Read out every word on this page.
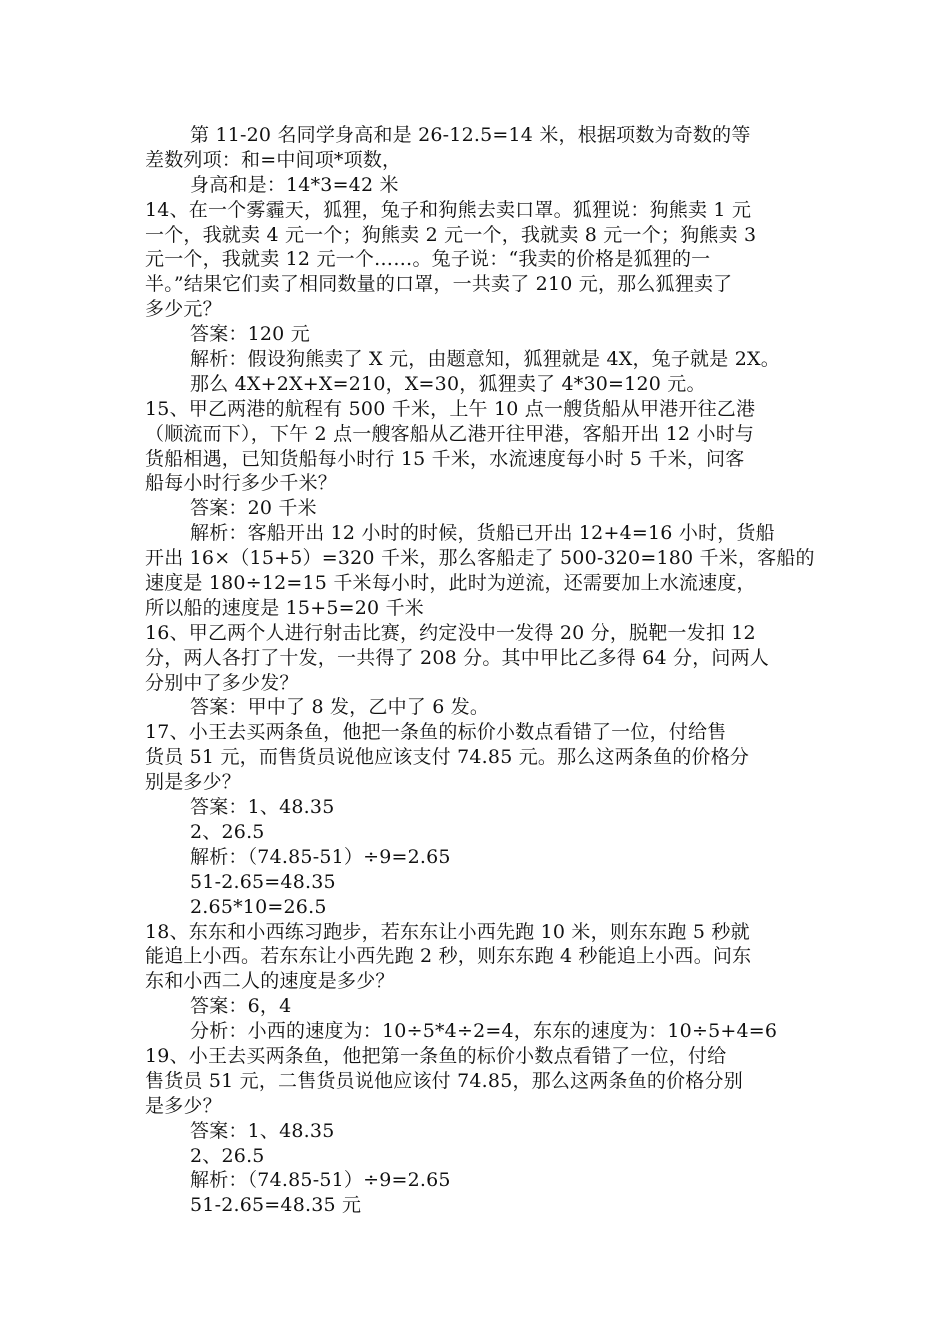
第 11-20 名同学身高和是 26-12.5=14 米，根据项数为奇数的等
差数列项：和=中间项*项数，
身高和是：14*3=42 米
14、在一个雾霾天，狐狸，兔子和狗熊去卖口罩。狐狸说：狗熊卖 1 元
一个，我就卖 4 元一个；狗熊卖 2 元一个，我就卖 8 元一个；狗熊卖 3
元一个，我就卖 12 元一个……。兔子说：“我卖的价格是狐狸的一
半。”结果它们卖了相同数量的口罩，一共卖了 210 元，那么狐狸卖了
多少元？
答案：120 元
解析：假设狗熊卖了 X 元，由题意知，狐狸就是 4X，兔子就是 2X。
那么 4X+2X+X=210，X=30，狐狸卖了 4*30=120 元。
15、甲乙两港的航程有 500 千米，上午 10 点一艘货船从甲港开往乙港
（顺流而下），下午 2 点一艘客船从乙港开往甲港，客船开出 12 小时与
货船相遇，已知货船每小时行 15 千米，水流速度每小时 5 千米，问客
船每小时行多少千米？
答案：20 千米
解析：客船开出 12 小时的时候，货船已开出 12+4=16 小时，货船
开出 16×（15+5）=320 千米，那么客船走了 500-320=180 千米，客船的
速度是 180÷12=15 千米每小时，此时为逆流，还需要加上水流速度，
所以船的速度是 15+5=20 千米
16、甲乙两个人进行射击比赛，约定没中一发得 20 分，脱靶一发扣 12
分，两人各打了十发，一共得了 208 分。其中甲比乙多得 64 分，问两人
分别中了多少发？
答案：甲中了 8 发，乙中了 6 发。
17、小王去买两条鱼，他把一条鱼的标价小数点看错了一位，付给售
货员 51 元，而售货员说他应该支付 74.85 元。那么这两条鱼的价格分
别是多少？
答案：1、48.35
2、26.5
解析：（74.85-51）÷9=2.65
51-2.65=48.35
2.65*10=26.5
18、东东和小西练习跑步，若东东让小西先跑 10 米，则东东跑 5 秒就
能追上小西。若东东让小西先跑 2 秒，则东东跑 4 秒能追上小西。问东
东和小西二人的速度是多少？
答案：6，4
分析：小西的速度为：10÷5*4÷2=4，东东的速度为：10÷5+4=6
19、小王去买两条鱼，他把第一条鱼的标价小数点看错了一位，付给
售货员 51 元，二售货员说他应该付 74.85，那么这两条鱼的价格分别
是多少？
答案：1、48.35
2、26.5
解析：（74.85-51）÷9=2.65
51-2.65=48.35 元
